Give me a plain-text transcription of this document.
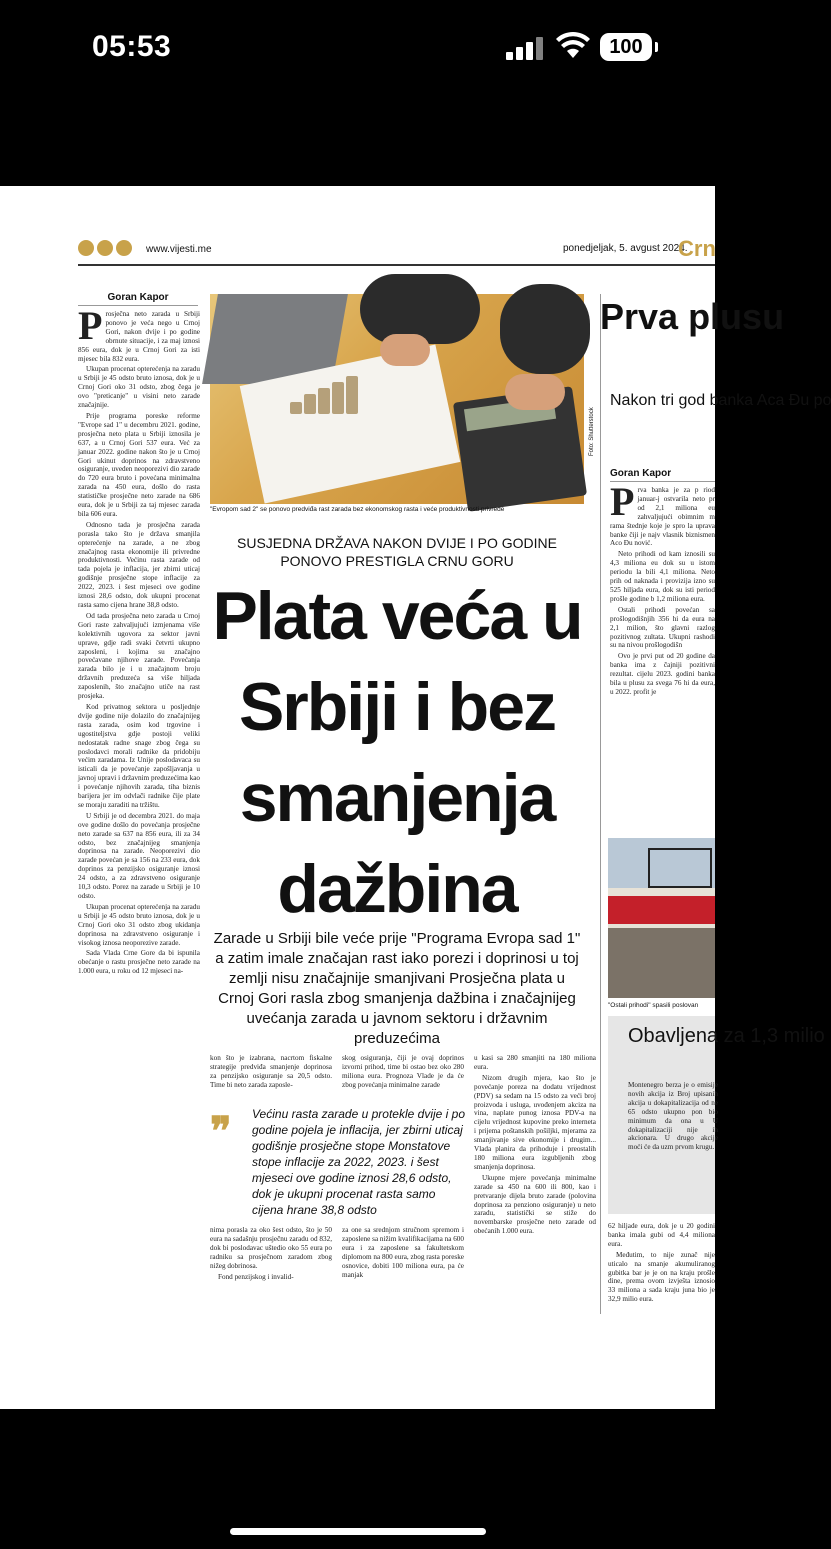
05:53	100
www.vijesti.me	ponedjeljak, 5. avgust 2024.
Crn
Goran Kapor

Prosječna neto zarada u Srbiji ponovo je veća nego u Crnoj Gori, nakon dvije i po godine obrnute situacije, i za maj iznosi 856 eura, dok je u Crnoj Gori za isti mjesec bila 832 eura.

Ukupan procenat opterećenja na zaradu u Srbiji je 45 odsto bruto iznosa, dok je u Crnoj Gori oko 31 odsto, zbog čega je ovo "preticanje" u visini neto zarade značajnije.

Prije programa poreske reforme "Evrope sad 1" u decembru 2021. godine, prosječna neto plata u Srbiji iznosila je 637, a u Crnoj Gori 537 eura. Već za januar 2022. godine nakon što je u Crnoj Gori ukinut doprinos na zdravstveno osiguranje, uveden neoporezivi dio zarade do 720 eura bruto i povećana minimalna zarada na 450 eura, došlo do rasta statističke prosječne neto zarade na 686 eura, dok je u Srbiji za taj mjesec zarada bila 606 eura.

Odnosno tada je prosječna zarada porasla tako što je država smanjila opterećenje na zarade, a ne zbog značajnog rasta ekonomije ili privredne produktivnosti. Većinu rasta zarade od tada pojela je inflacija, jer zbirni uticaj godišnje prosječne stope inflacije za 2022, 2023. i šest mjeseci ove godine iznosi 28,6 odsto, dok ukupni procenat rasta samo cijena hrane 38,8 odsto.

Od tada prosječna neto zarada u Crnoj Gori raste zahvaljujući izmjenama više kolektivnih ugovora za sektor javni uprave, gdje radi svaki četvrti ukupno zaposleni, i kojima su značajno povećavane njihove zarade. Povećanja zarada bilo je i u značajnom broju državnih preduzeća sa više hiljada zaposlenih, što značajno utiče na rast prosjeka.

Kod privatnog sektora u posljednje dvije godine nije dolazilo do značajnijeg rasta zarada, osim kod trgovine i ugostiteljstva gdje postoji veliki nedostatak radne snage zbog čega su poslodavci morali radnike da pridobiju većim zaradama. Iz Unije poslodavaca su isticali da je povećanje zapošljavanja u javnoj upravi i državnim preduzećima kao i povećanje njihovih zarada, tiha biznis barijera jer im odvlači radnike čije plate se moraju zaraditi na tržištu.

U Srbiji je od decembra 2021. do maja ove godine došlo do povećanja prosječne neto zarade sa 637 na 856 eura, ili za 34 odsto, bez značajnijeg smanjenja doprinosa na zarade. Neoporezivi dio zarade povećan je sa 156 na 233 eura, dok doprinos za penzijsko osiguranje iznosi 24 odsto, a za zdravstveno osiguranje 10,3 odsto. Porez na zarade u Srbiji je 10 odsto.

Ukupan procenat opterećenja na zaradu u Srbiji je 45 odsto bruto iznosa, dok je u Crnoj Gori oko 31 odsto zbog ukidanja doprinosa na zdravstveno osiguranje i visokog iznosa neoporezive zarade.

Sada Vlada Crne Gore da bi ispunila obećanje o rastu prosječne neto zarade na 1.000 eura, u roku od 12 mjeseci na-

Foto: Shutterstock
"Evropom sad 2" se ponovo predviđa rast zarada bez ekonomskog rasta i veće produktivnosti privrede
SUSJEDNA DRŽAVA NAKON DVIJE I PO GODINE PONOVO PRESTIGLA CRNU GORU
Plata veća u Srbiji i bez smanjenja dažbina
Zarade u Srbiji bile veće prije "Programa Evropa sad 1" a zatim imale značajan rast iako porezi i doprinosi u toj zemlji nisu značajnije smanjivani Prosječna plata u Crnoj Gori rasla zbog smanjenja dažbina i značajnijeg uvećanja zarada u javnom sektoru i državnim preduzećima

kon što je izabrana, nacrtom fiskalne strategije predviđa smanjenje doprinosa za penzijsko osiguranje sa 20,5 odsto. Time bi neto zarada zaposle-

skog osiguranja, čiji je ovaj doprinos izvorni prihod, time bi ostao bez oko 280 miliona eura. Prognoza Vlade je da će zbog povećanja minimalne zarade

u kasi sa 280 smanjiti na 180 miliona eura.

Nizom drugih mjera, kao što je povećanje poreza na dodatu vrijednost (PDV) sa sedam na 15 odsto za veći broj proizvoda i usluga, uvođenjem akciza na vina, naplate punog iznosa PDV-a na cijelu vrijednost kupovine preko interneta i prijema poštanskih pošiljki, mjerama za smanjivanje sive ekonomije i drugim... Vlada planira da prihoduje i preostalih 180 miliona eura izgubljenih zbog smanjenja doprinosa.

Ukupne mjere povećanja minimalne zarade sa 450 na 600 ili 800, kao i pretvaranje dijela bruto zarade (polovina doprinosa za penziono osiguranje) u neto zaradu, statistički se stiže do novembarske prosječne neto zarade od obećanih 1.000 eura.

❞ Većinu rasta zarade u protekle dvije i po godine pojela je inflacija, jer zbirni uticaj godišnje prosječne stope Monstatove stope inflacije za 2022, 2023. i šest mjeseci ove godine iznosi 28,6 odsto, dok je ukupni procenat rasta samo cijena hrane 38,8 odsto

nima porasla za oko šest odsto, što je 50 eura na sadašnju prosječnu zaradu od 832, dok bi poslodavac uštedio oko 55 eura po radniku sa prosječnom zaradom zbog nižeg dobrinosa.

Fond penzijskog i invalid-

za one sa srednjom stručnom spremom i zaposlene sa nižim kvalifikacijama na 600 eura i za zaposlene sa fakultetskom diplomom na 800 eura, zbog rasta poreske osnovice, dobiti 100 miliona eura, pa će manjak

Prva plusu
Nakon tri god banka Aca Đu po
Goran Kapor

Prva banka je za p riod januar-j ostvarila neto pr od 2,1 miliona eu zahvaljujući obimnim m rama štednje koje je spro la uprava banke čiji je najv vlasnik biznismen Aco Đu nović.

Neto prihodi od kam iznosili su 4,3 miliona eu dok su u istom periodu la bili 4,1 miliona. Neto prih od naknada i provizija izno su 525 hiljada eura, dok su isti period prošle godine b 1,2 miliona eura.

Ostali prihodi povećan sa prošlogodišnjih 356 hi da eura na 2,1 milion, što glavni razlog pozitivnog zultata. Ukupni rashodi su na nivou prošlogodišn

Ovo je prvi put od 20 godine da banka ima z čajniji pozitivni rezultat. cijelu 2023. godini banka bila u plusu za svega 76 hi da eura, u 2022. profit je

"Ostali prihodi" spasili poslovan
Obavljena za 1,3 milio

Montenegro berza je o emisije novih akcija iz Broj upisanih akcija u dokapitalizacija od ne 65 odsto ukupno pon bio minimum da ona u U dokapitalizaciji nije ih akcionara. U drugo akcije moći će da uzm prvom krugu.

62 hiljade eura, dok je u 20 godini banka imala gubi od 4,4 miliona eura.

Međutim, to nije zunač nije uticalo na smanje akumuliranog gubitka bar je je on na kraju prošle dine, prema ovom izvješta iznosio 33 miliona a sada kraju juna bio je 32,9 milio eura.
